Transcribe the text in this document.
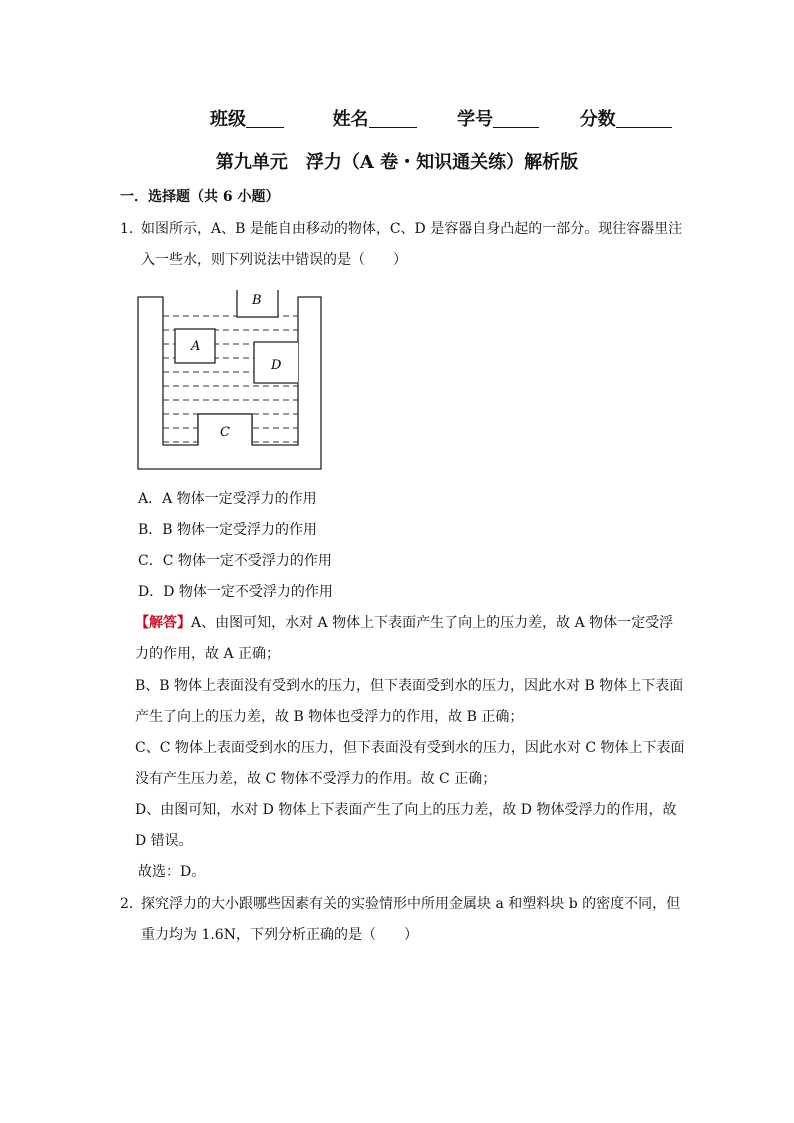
班级	姓名	学号	分数
第九单元　浮力（A 卷・知识通关练）解析版
一．选择题（共 6 小题）
1．
如图所示，A、B 是能自由移动的物体，C、D 是容器自身凸起的一部分。现往容器里注
入一些水，则下列说法中错误的是（　　）
A
B
C
D
A．A 物体一定受浮力的作用
B．B 物体一定受浮力的作用
C．C 物体一定不受浮力的作用
D．D 物体一定不受浮力的作用
【解答】A、由图可知，水对 A 物体上下表面产生了向上的压力差，故 A 物体一定受浮
力的作用，故 A 正确；
B、B 物体上表面没有受到水的压力，但下表面受到水的压力，因此水对 B 物体上下表面
产生了向上的压力差，故 B 物体也受浮力的作用，故 B 正确；
C、C 物体上表面受到水的压力，但下表面没有受到水的压力，因此水对 C 物体上下表面
没有产生压力差，故 C 物体不受浮力的作用。故 C 正确；
D、由图可知，水对 D 物体上下表面产生了向上的压力差，故 D 物体受浮力的作用，故
D 错误。
故选：D。
2．
探究浮力的大小跟哪些因素有关的实验情形中所用金属块 a 和塑料块 b 的密度不同，但
重力均为 1.6N，下列分析正确的是（　　）
